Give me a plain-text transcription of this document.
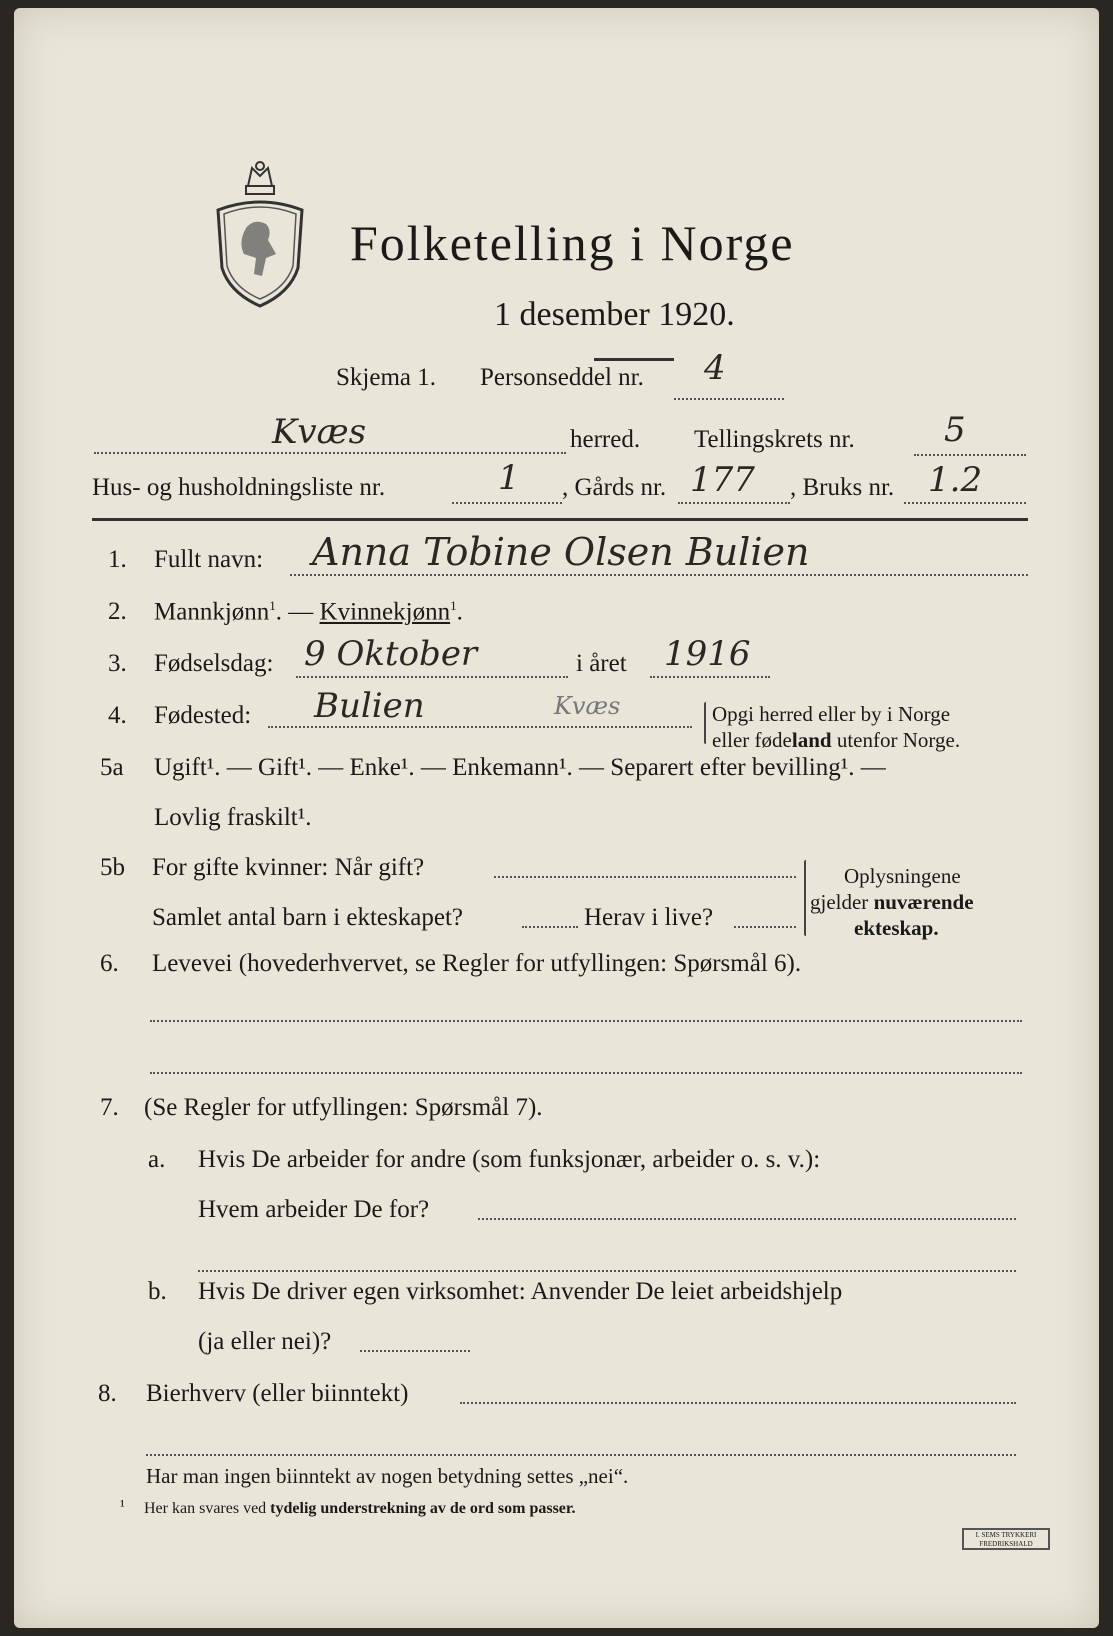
Folketelling i Norge
1 desember 1920.
Skjema 1. Personseddel nr. 4
Kvæs	herred. Tellingskrets nr.	5
Hus- og husholdningsliste nr.	1 , Gårds nr. 177 , Bruks nr. 1.2
1. Fullt navn: Anna Tobine Olsen Bulien
2. Mannkjønn$^1$. — Kvinnekjønn$^1$.
3. Fødselsdag: 9 Oktober	i året 1916
4. Fødested: Bulien	Kvæs	Opgi herred eller by i Norge
eller fødeland utenfor Norge.
5a Ugift¹. — Gift¹. — Enke¹. — Enkemann¹. — Separert efter bevilling¹. —
Lovlig fraskilt¹.
5b For gifte kvinner: Når gift?
Samlet antal barn i ekteskapet?	Herav i live?
Oplysningene
gjelder nuværende
ekteskap.
6. Levevei (hovederhvervet, se Regler for utfyllingen: Spørsmål 6).
7. (Se Regler for utfyllingen: Spørsmål 7).
a. Hvis De arbeider for andre (som funksjonær, arbeider o. s. v.):
Hvem arbeider De for?
b. Hvis De driver egen virksomhet: Anvender De leiet arbeidshjelp
(ja eller nei)?
8. Bierhverv (eller biinntekt)
Har man ingen biinntekt av nogen betydning settes „nei“.
¹ Her kan svares ved tydelig understrekning av de ord som passer.
I. SEMS TRYKKERI
FREDRIKSHALD
